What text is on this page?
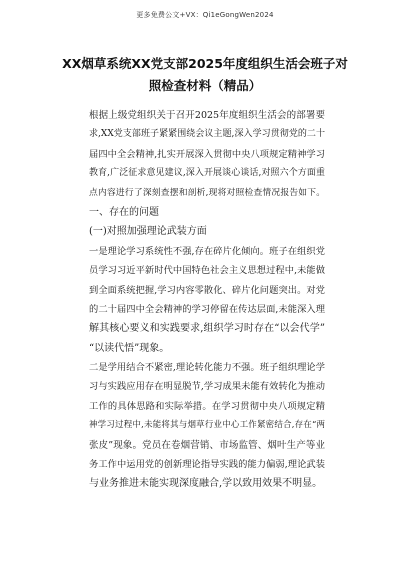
更多免费公文+VX：Qi1eGongWen2024
XX烟草系统XX党支部2025年度组织生活会班子对
照检查材料（精品）
根据上级党组织关于召开2025年度组织生活会的部署要
求,XX党支部班子紧紧围绕会议主题,深入学习贯彻党的二十
届四中全会精神,扎实开展深入贯彻中央八项规定精神学习
教育,广泛征求意见建议,深入开展谈心谈话,对照六个方面重
点内容进行了深刻查摆和剖析,现将对照检查情况报告如下。
一、存在的问题
(一)对照加强理论武装方面
一是理论学习系统性不强,存在碎片化倾向。班子在组织党
员学习习近平新时代中国特色社会主义思想过程中,未能做
到全面系统把握,学习内容零散化、碎片化问题突出。对党
的二十届四中全会精神的学习停留在传达层面,未能深入理
解其核心要义和实践要求,组织学习时存在“以会代学”
“以读代悟”现象。
二是学用结合不紧密,理论转化能力不强。班子组织理论学
习与实践应用存在明显脱节,学习成果未能有效转化为推动
工作的具体思路和实际举措。在学习贯彻中央八项规定精
神学习过程中,未能将其与烟草行业中心工作紧密结合,存在“两
张皮”现象。党员在卷烟营销、市场监管、烟叶生产等业
务工作中运用党的创新理论指导实践的能力偏弱,理论武装
与业务推进未能实现深度融合,学以致用效果不明显。
